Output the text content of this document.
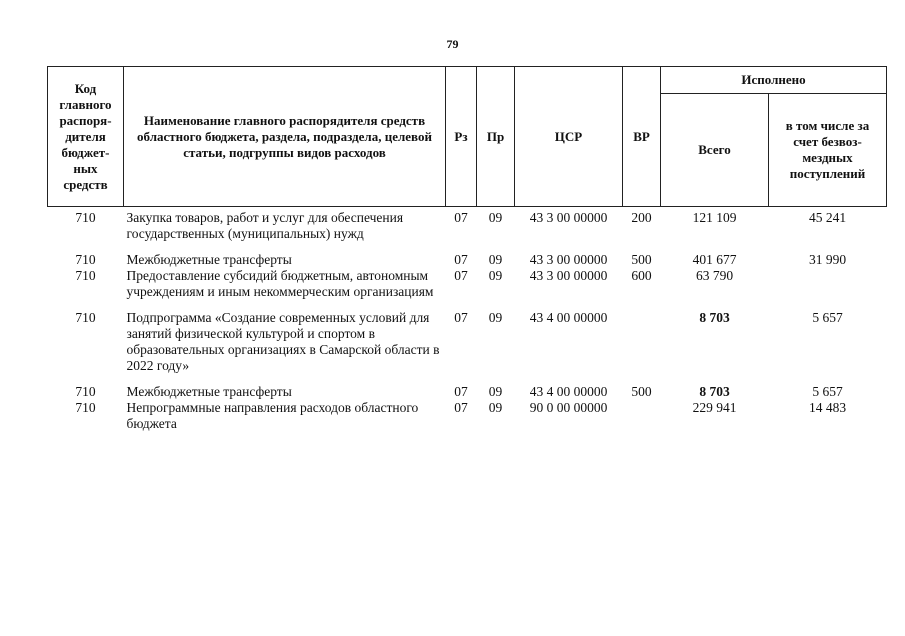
79
Код главного распоря-дителя бюджет-ных средств	Наименование главного распорядителя средств областного бюджета, раздела, подраздела, целевой статьи, подгруппы видов расходов	Рз	Пр	ЦСР	ВР	Исполнено	
						Всего	в том числе за счет безвоз-мездных поступлений
710	Закупка товаров, работ и услуг для обеспечения государственных (муниципальных) нужд	07	09	43 3 00 00000	200	121 109	45 241
710	Межбюджетные трансферты	07	09	43 3 00 00000	500	401 677	31 990
710	Предоставление субсидий бюджетным, автономным учреждениям и иным некоммерческим организациям	07	09	43 3 00 00000	600	63 790	
710	Подпрограмма «Создание современных условий для занятий физической культурой и спортом в образовательных организациях в Самарской области в 2022 году»	07	09	43 4 00 00000		8 703	5 657
710	Межбюджетные трансферты	07	09	43 4 00 00000	500	8 703	5 657
710	Непрограммные направления расходов областного бюджета	07	09	90 0 00 00000		229 941	14 483
